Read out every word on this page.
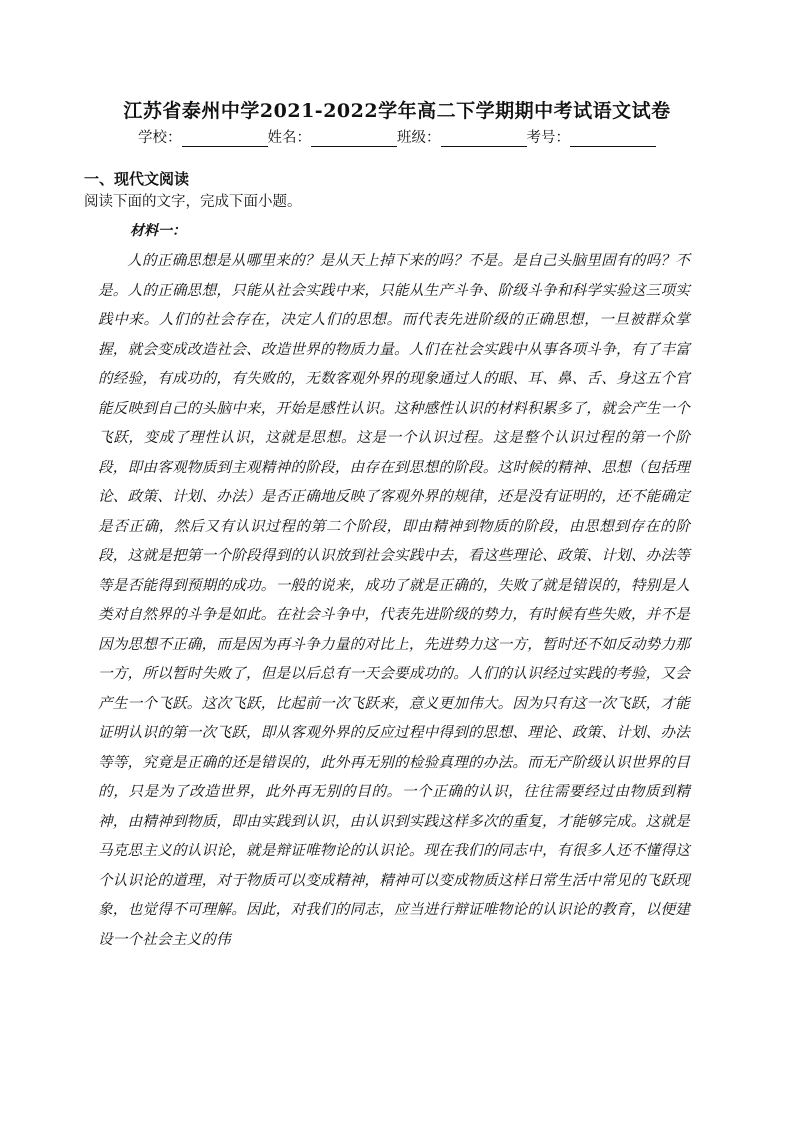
江苏省泰州中学2021-2022学年高二下学期期中考试语文试卷
学校：	姓名：	班级：	考号：
一、现代文阅读
阅读下面的文字，完成下面小题。
材料一：

人的正确思想是从哪里来的？是从天上掉下来的吗？不是。是自己头脑里固有的吗？不是。人的正确思想，只能从社会实践中来，只能从生产斗争、阶级斗争和科学实验这三项实践中来。人们的社会存在，决定人们的思想。而代表先进阶级的正确思想，一旦被群众掌握，就会变成改造社会、改造世界的物质力量。人们在社会实践中从事各项斗争，有了丰富的经验，有成功的，有失败的，无数客观外界的现象通过人的眼、耳、鼻、舌、身这五个官能反映到自己的头脑中来，开始是感性认识。这种感性认识的材料积累多了，就会产生一个飞跃，变成了理性认识，这就是思想。这是一个认识过程。这是整个认识过程的第一个阶段，即由客观物质到主观精神的阶段，由存在到思想的阶段。这时候的精神、思想（包括理论、政策、计划、办法）是否正确地反映了客观外界的规律，还是没有证明的，还不能确定是否正确，然后又有认识过程的第二个阶段，即由精神到物质的阶段，由思想到存在的阶段，这就是把第一个阶段得到的认识放到社会实践中去，看这些理论、政策、计划、办法等等是否能得到预期的成功。一般的说来，成功了就是正确的，失败了就是错误的，特别是人类对自然界的斗争是如此。在社会斗争中，代表先进阶级的势力，有时候有些失败，并不是因为思想不正确，而是因为再斗争力量的对比上，先进势力这一方，暂时还不如反动势力那一方，所以暂时失败了，但是以后总有一天会要成功的。人们的认识经过实践的考验，又会产生一个飞跃。这次飞跃，比起前一次飞跃来，意义更加伟大。因为只有这一次飞跃，才能证明认识的第一次飞跃，即从客观外界的反应过程中得到的思想、理论、政策、计划、办法等等，究竟是正确的还是错误的，此外再无别的检验真理的办法。而无产阶级认识世界的目的，只是为了改造世界，此外再无别的目的。一个正确的认识，往往需要经过由物质到精神，由精神到物质，即由实践到认识，由认识到实践这样多次的重复，才能够完成。这就是马克思主义的认识论，就是辩证唯物论的认识论。现在我们的同志中，有很多人还不懂得这个认识论的道理，对于物质可以变成精神，精神可以变成物质这样日常生活中常见的飞跃现象，也觉得不可理解。因此，对我们的同志，应当进行辩证唯物论的认识论的教育，以便建设一个社会主义的伟
